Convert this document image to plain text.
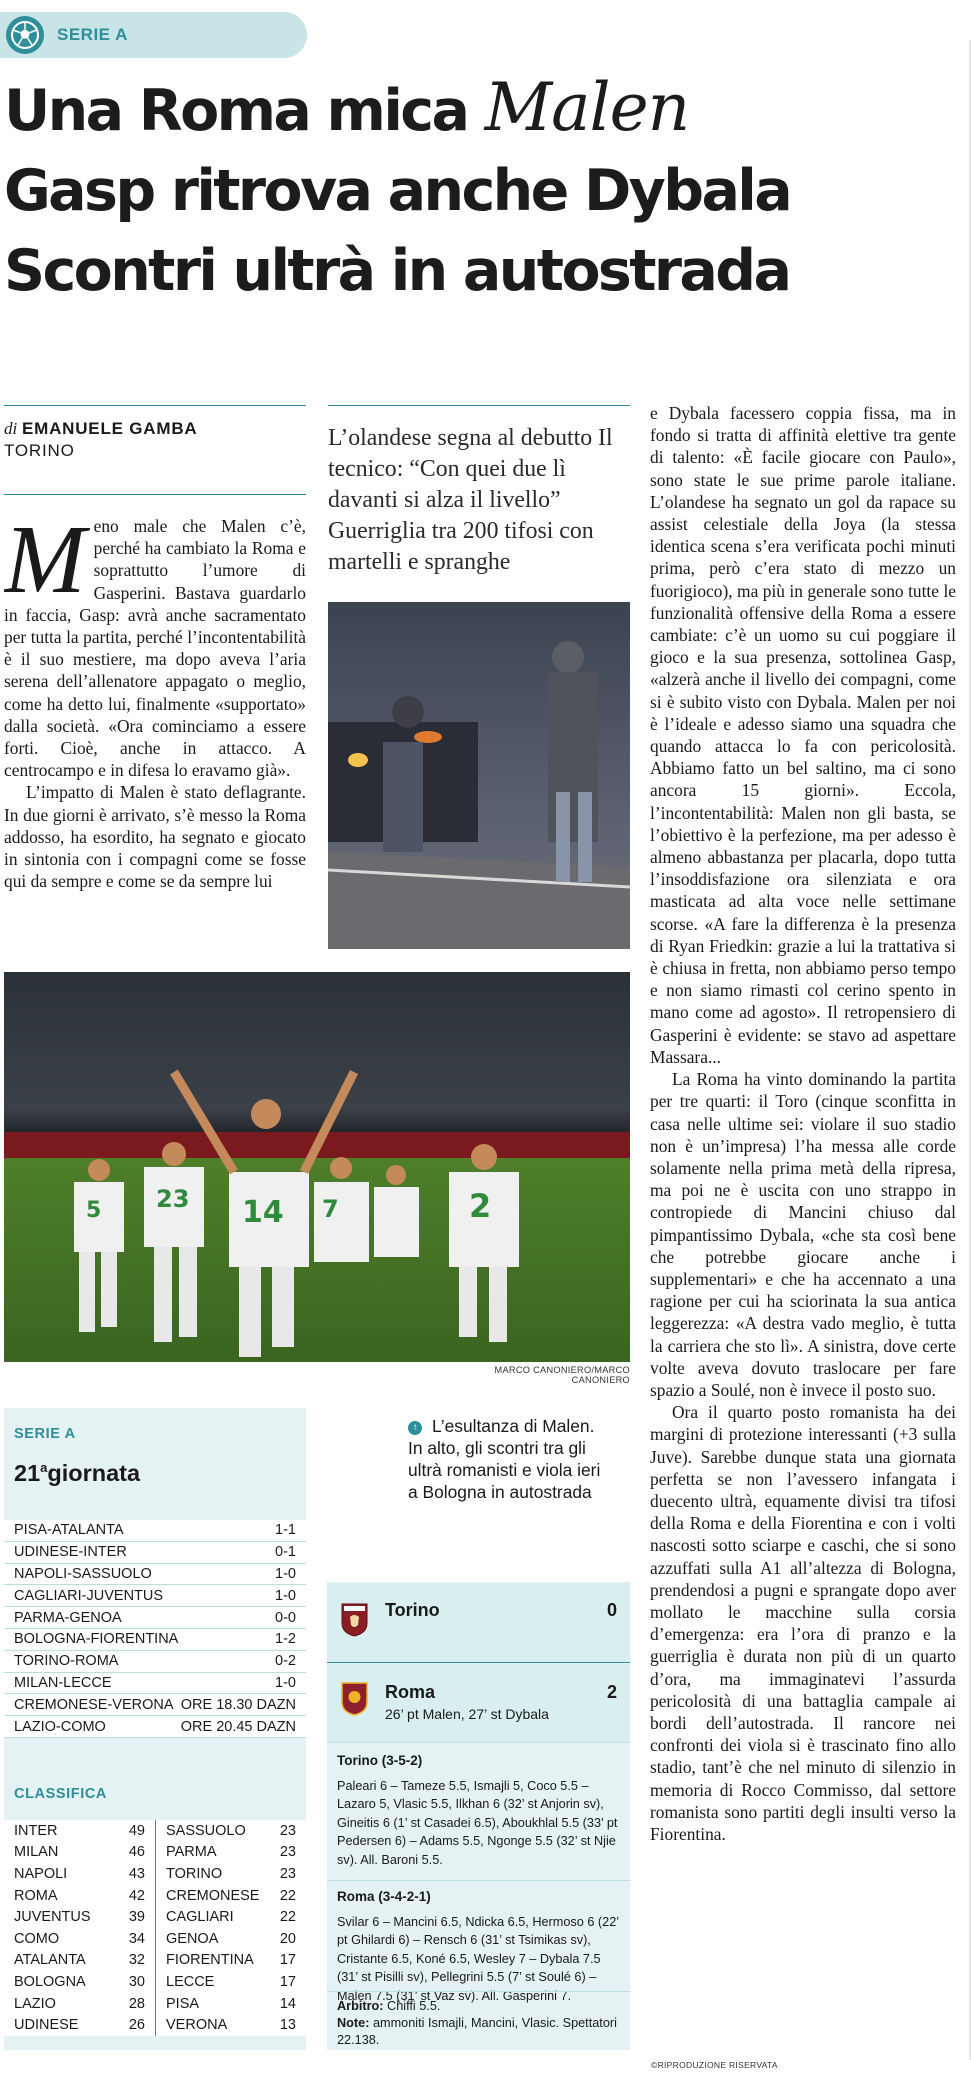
SERIE A
Una Roma mica Malen
Gasp ritrova anche Dybala
Scontri ultrà in autostrada
di EMANUELE GAMBA
TORINO	L’olandese segna al debutto Il tecnico: “Con quei due lì davanti si alza il livello” Guerriglia tra 200 tifosi con martelli e spranghe
M eno male che Malen c’è, perché ha cambiato la Roma e soprattutto l’umore di Gasperini. Bastava guardarlo in faccia, Gasp: avrà anche sacramentato per tutta la partita, perché l’incontentabilità è il suo mestiere, ma dopo aveva l’aria serena dell’allenatore appagato o meglio, come ha detto lui, finalmente «supportato» dalla società. «Ora cominciamo a essere forti. Cioè, anche in attacco. A centrocampo e in difesa lo eravamo già».

L’impatto di Malen è stato deflagrante. In due giorni è arrivato, s’è messo la Roma addosso, ha esordito, ha segnato e giocato in sintonia con i compagni come se fosse qui da sempre e come se da sempre lui

e Dybala facessero coppia fissa, ma in fondo si tratta di affinità elettive tra gente di talento: «È facile giocare con Paulo», sono state le sue prime parole italiane. L’olandese ha segnato un gol da rapace su assist celestiale della Joya (la stessa identica scena s’era verificata pochi minuti prima, però c’era stato di mezzo un fuorigioco), ma più in generale sono tutte le funzionalità offensive della Roma a essere cambiate: c’è un uomo su cui poggiare il gioco e la sua presenza, sottolinea Gasp, «alzerà anche il livello dei compagni, come si è subito visto con Dybala. Malen per noi è l’ideale e adesso siamo una squadra che quando attacca lo fa con pericolosità. Abbiamo fatto un bel saltino, ma ci sono ancora 15 giorni». Eccola, l’incontentabilità: Malen non gli basta, se l’obiettivo è la perfezione, ma per adesso è almeno abbastanza per placarla, dopo tutta l’insoddisfazione ora silenziata e ora masticata ad alta voce nelle settimane scorse. «A fare la differenza è la presenza di Ryan Friedkin: grazie a lui la trattativa si è chiusa in fretta, non abbiamo perso tempo e non siamo rimasti col cerino spento in mano come ad agosto». Il retropensiero di Gasperini è evidente: se stavo ad aspettare Massara...

La Roma ha vinto dominando la partita per tre quarti: il Toro (cinque sconfitta in casa nelle ultime sei: violare il suo stadio non è un’impresa) l’ha messa alle corde solamente nella prima metà della ripresa, ma poi ne è uscita con uno strappo in contropiede di Mancini chiuso dal pimpantissimo Dybala, «che sta così bene che potrebbe giocare anche i supplementari» e che ha accennato a una ragione per cui ha sciorinata la sua antica leggerezza: «A destra vado meglio, è tutta la carriera che sto lì». A sinistra, dove certe volte aveva dovuto traslocare per fare spazio a Soulé, non è invece il posto suo.

Ora il quarto posto romanista ha dei margini di protezione interessanti (+3 sulla Juve). Sarebbe dunque stata una giornata perfetta se non l’avessero infangata i duecento ultrà, equamente divisi tra tifosi della Roma e della Fiorentina e con i volti nascosti sotto sciarpe e caschi, che si sono azzuffati sulla A1 all’altezza di Bologna, prendendosi a pugni e sprangate dopo aver mollato le macchine sulla corsia d’emergenza: era l’ora di pranzo e la guerriglia è durata non più di un quarto d’ora, ma immaginatevi l’assurda pericolosità di una battaglia campale ai bordi dell’autostrada. Il rancore nei confronti dei viola si è trascinato fino allo stadio, tant’è che nel minuto di silenzio in memoria di Rocco Commisso, dal settore romanista sono partiti degli insulti verso la Fiorentina.

5 23 14 7	2
MARCO CANONIERO/MARCO CANONIERO
SERIE A
21$^a$giornata
PISA-ATALANTA	1-1
UDINESE-INTER	0-1
NAPOLI-SASSUOLO	1-0
CAGLIARI-JUVENTUS	1-0
PARMA-GENOA	0-0
BOLOGNA-FIORENTINA	1-2
TORINO-ROMA	0-2
MILAN-LECCE	1-0
CREMONESE-VERONA ORE 18.30 DAZN
LAZIO-COMO	ORE 20.45 DAZN
CLASSIFICA
INTER	49
MILAN	46
NAPOLI	43
ROMA	42
JUVENTUS	39
COMO	34
ATALANTA	32
BOLOGNA	30
LAZIO	28
UDINESE	26
SASSUOLO 23
PARMA	23
TORINO	23
CREMONESE 22
CAGLIARI	22
GENOA	20
FIORENTINA 17
LECCE	17
PISA	14
VERONA	13
↑ L’esultanza di Malen. In alto, gli scontri tra gli ultrà romanisti e viola ieri a Bologna in autostrada
Torino	0
Roma	2
26’ pt Malen, 27’ st Dybala
Torino (3-5-2)
Paleari 6 – Tameze 5.5, Ismajli 5, Coco 5.5 – Lazaro 5, Vlasic 5.5, Ilkhan 6 (32’ st Anjorin sv), Gineitis 6 (1’ st Casadei 6.5), Aboukhlal 5.5 (33’ pt Pedersen 6) – Adams 5.5, Ngonge 5.5 (32’ st Njie sv). All. Baroni 5.5.
Roma (3-4-2-1)
Svilar 6 – Mancini 6.5, Ndicka 6.5, Hermoso 6 (22’ pt Ghilardi 6) – Rensch 6 (31’ st Tsimikas sv), Cristante 6.5, Koné 6.5, Wesley 7 – Dybala 7.5 (31’ st Pisilli sv), Pellegrini 5.5 (7’ st Soulé 6) – Malen 7.5 (31’ st Vaz sv). All. Gasperini 7.
Arbitro: Chiffi 5.5.
Note: ammoniti Ismajli, Mancini, Vlasic. Spettatori 22.138.
©RIPRODUZIONE RISERVATA
